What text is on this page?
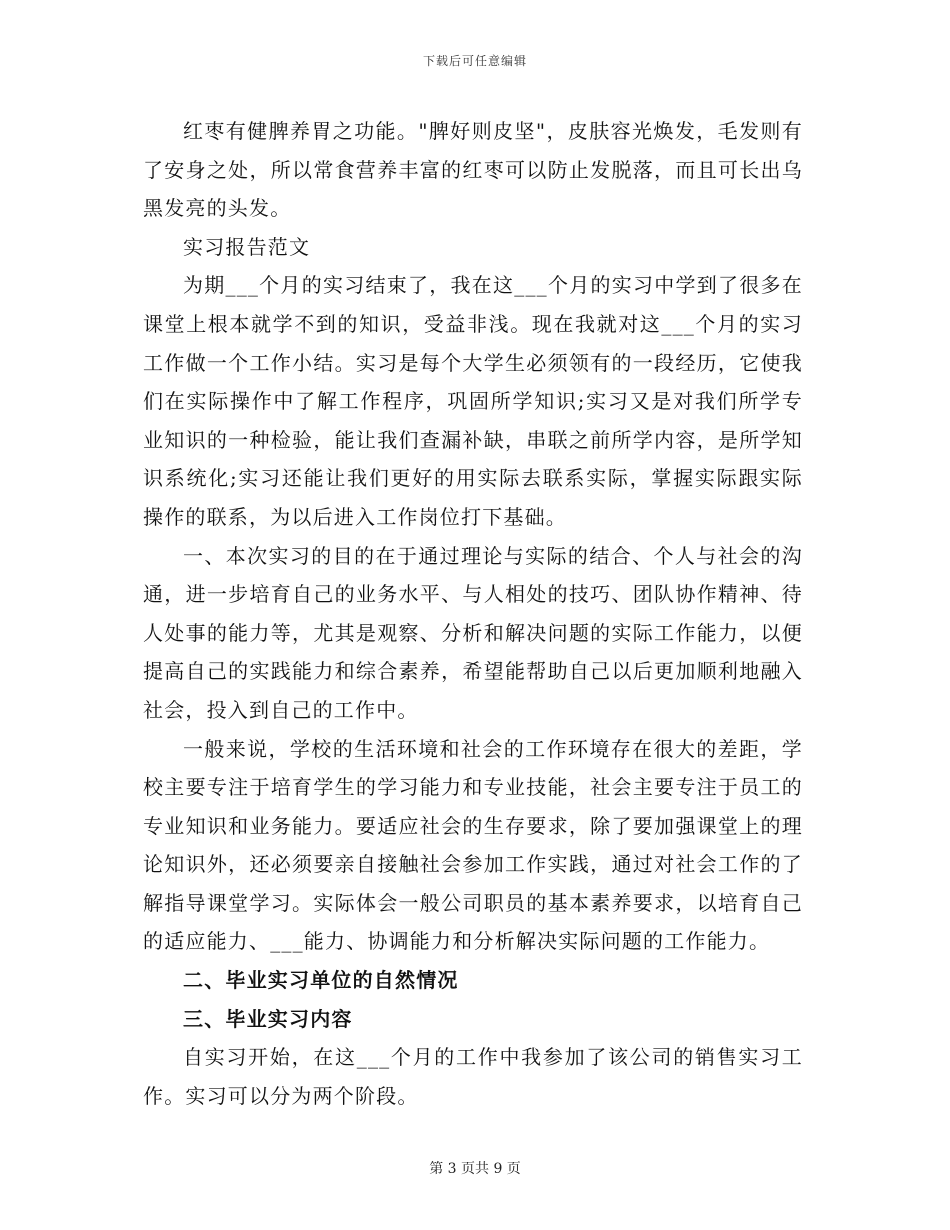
下载后可任意编辑

红枣有健脾养胃之功能。"脾好则皮坚"，皮肤容光焕发，毛发则有了安身之处，所以常食营养丰富的红枣可以防止发脱落，而且可长出乌黑发亮的头发。

实习报告范文

为期___个月的实习结束了，我在这___个月的实习中学到了很多在课堂上根本就学不到的知识，受益非浅。现在我就对这___个月的实习工作做一个工作小结。实习是每个大学生必须领有的一段经历，它使我们在实际操作中了解工作程序，巩固所学知识;实习又是对我们所学专业知识的一种检验，能让我们查漏补缺，串联之前所学内容，是所学知识系统化;实习还能让我们更好的用实际去联系实际，掌握实际跟实际操作的联系，为以后进入工作岗位打下基础。

一、本次实习的目的在于通过理论与实际的结合、个人与社会的沟通，进一步培育自己的业务水平、与人相处的技巧、团队协作精神、待人处事的能力等，尤其是观察、分析和解决问题的实际工作能力，以便提高自己的实践能力和综合素养，希望能帮助自己以后更加顺利地融入社会，投入到自己的工作中。

一般来说，学校的生活环境和社会的工作环境存在很大的差距，学校主要专注于培育学生的学习能力和专业技能，社会主要专注于员工的专业知识和业务能力。要适应社会的生存要求，除了要加强课堂上的理论知识外，还必须要亲自接触社会参加工作实践，通过对社会工作的了解指导课堂学习。实际体会一般公司职员的基本素养要求，以培育自己的适应能力、___能力、协调能力和分析解决实际问题的工作能力。

二、毕业实习单位的自然情况

三、毕业实习内容

自实习开始，在这___个月的工作中我参加了该公司的销售实习工作。实习可以分为两个阶段。

第 3 页共 9 页
